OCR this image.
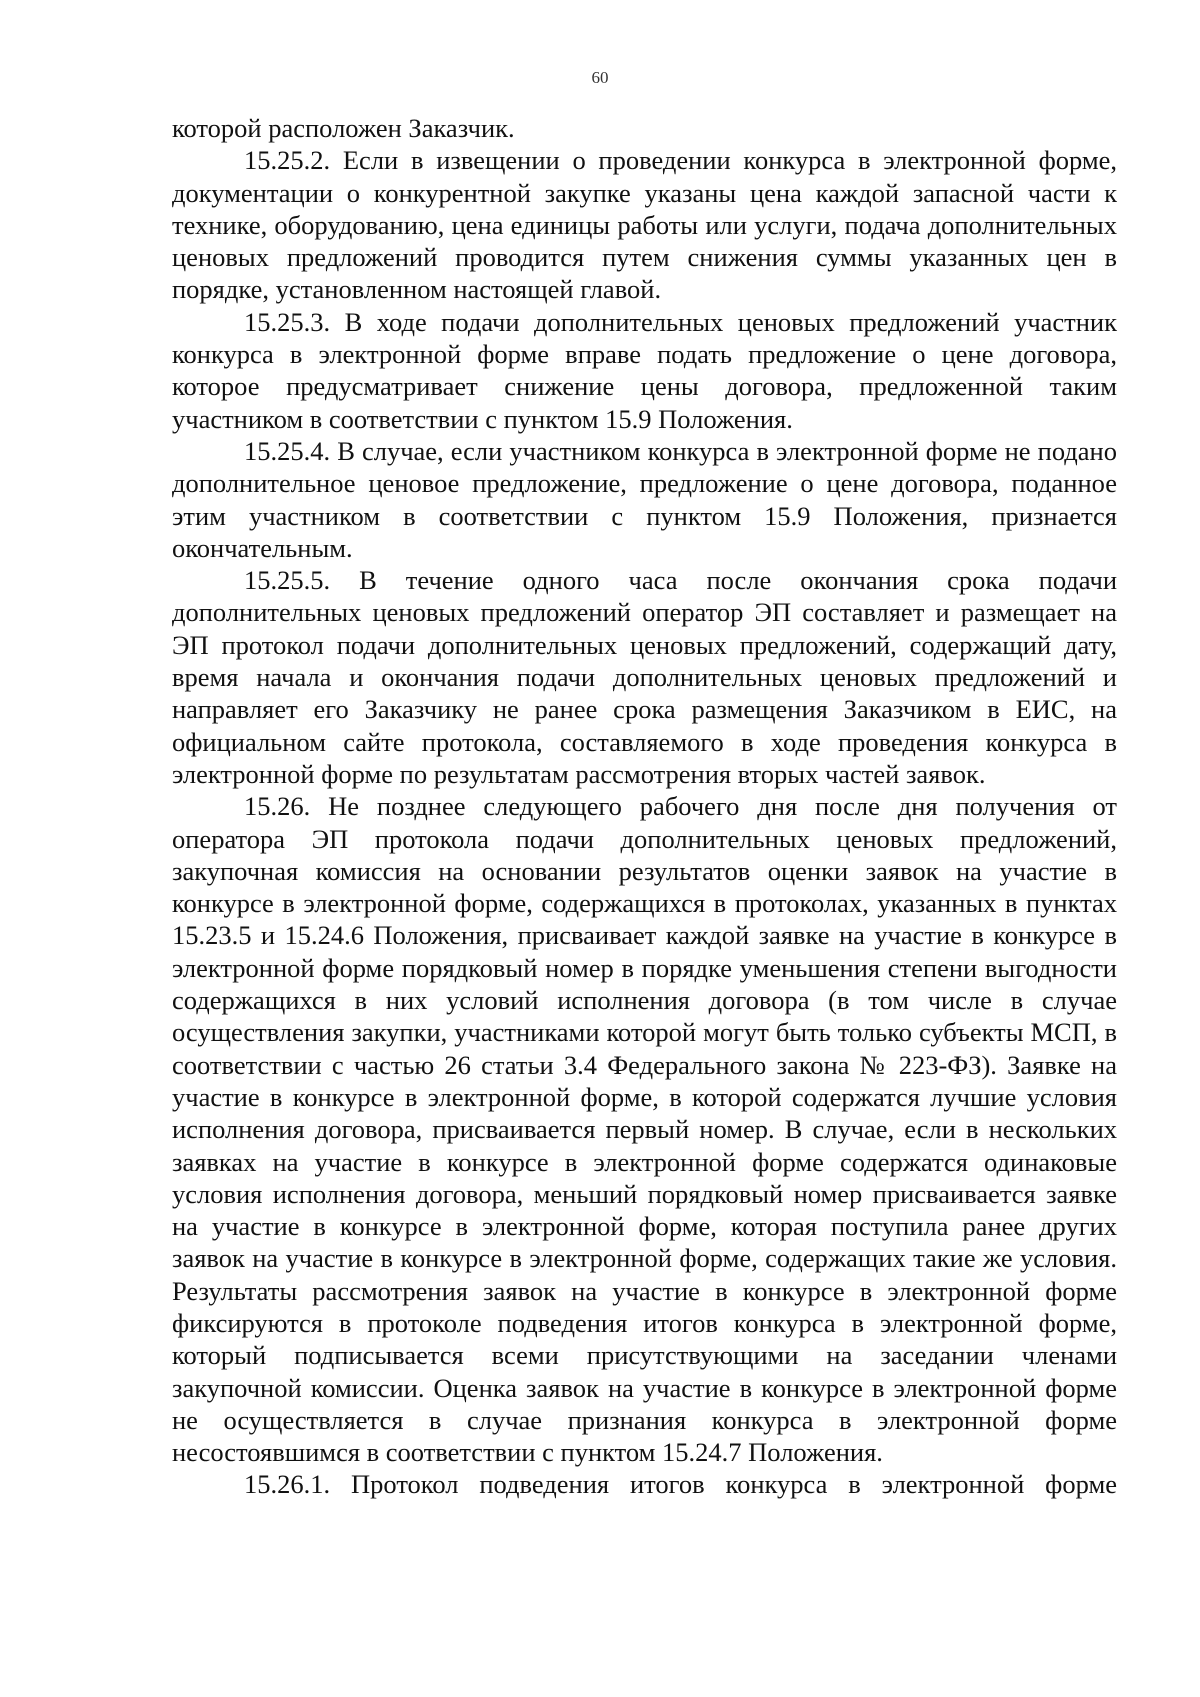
60

которой расположен Заказчик.

15.25.2. Если в извещении о проведении конкурса в электронной форме, документации о конкурентной закупке указаны цена каждой запасной части к технике, оборудованию, цена единицы работы или услуги, подача дополнительных ценовых предложений проводится путем снижения суммы указанных цен в порядке, установленном настоящей главой.

15.25.3. В ходе подачи дополнительных ценовых предложений участник конкурса в электронной форме вправе подать предложение о цене договора, которое предусматривает снижение цены договора, предложенной таким участником в соответствии с пунктом 15.9 Положения.

15.25.4. В случае, если участником конкурса в электронной форме не подано дополнительное ценовое предложение, предложение о цене договора, поданное этим участником в соответствии с пунктом 15.9 Положения, признается окончательным.

15.25.5. В течение одного часа после окончания срока подачи дополнительных ценовых предложений оператор ЭП составляет и размещает на ЭП протокол подачи дополнительных ценовых предложений, содержащий дату, время начала и окончания подачи дополнительных ценовых предложений и направляет его Заказчику не ранее срока размещения Заказчиком в ЕИС, на официальном сайте протокола, составляемого в ходе проведения конкурса в электронной форме по результатам рассмотрения вторых частей заявок.

15.26. Не позднее следующего рабочего дня после дня получения от оператора ЭП протокола подачи дополнительных ценовых предложений, закупочная комиссия на основании результатов оценки заявок на участие в конкурсе в электронной форме, содержащихся в протоколах, указанных в пунктах 15.23.5 и 15.24.6 Положения, присваивает каждой заявке на участие в конкурсе в электронной форме порядковый номер в порядке уменьшения степени выгодности содержащихся в них условий исполнения договора (в том числе в случае осуществления закупки, участниками которой могут быть только субъекты МСП, в соответствии с частью 26 статьи 3.4 Федерального закона № 223-ФЗ). Заявке на участие в конкурсе в электронной форме, в которой содержатся лучшие условия исполнения договора, присваивается первый номер. В случае, если в нескольких заявках на участие в конкурсе в электронной форме содержатся одинаковые условия исполнения договора, меньший порядковый номер присваивается заявке на участие в конкурсе в электронной форме, которая поступила ранее других заявок на участие в конкурсе в электронной форме, содержащих такие же условия. Результаты рассмотрения заявок на участие в конкурсе в электронной форме фиксируются в протоколе подведения итогов конкурса в электронной форме, который подписывается всеми присутствующими на заседании членами закупочной комиссии. Оценка заявок на участие в конкурсе в электронной форме не осуществляется в случае признания конкурса в электронной форме несостоявшимся в соответствии с пунктом 15.24.7 Положения.

15.26.1. Протокол подведения итогов конкурса в электронной форме
